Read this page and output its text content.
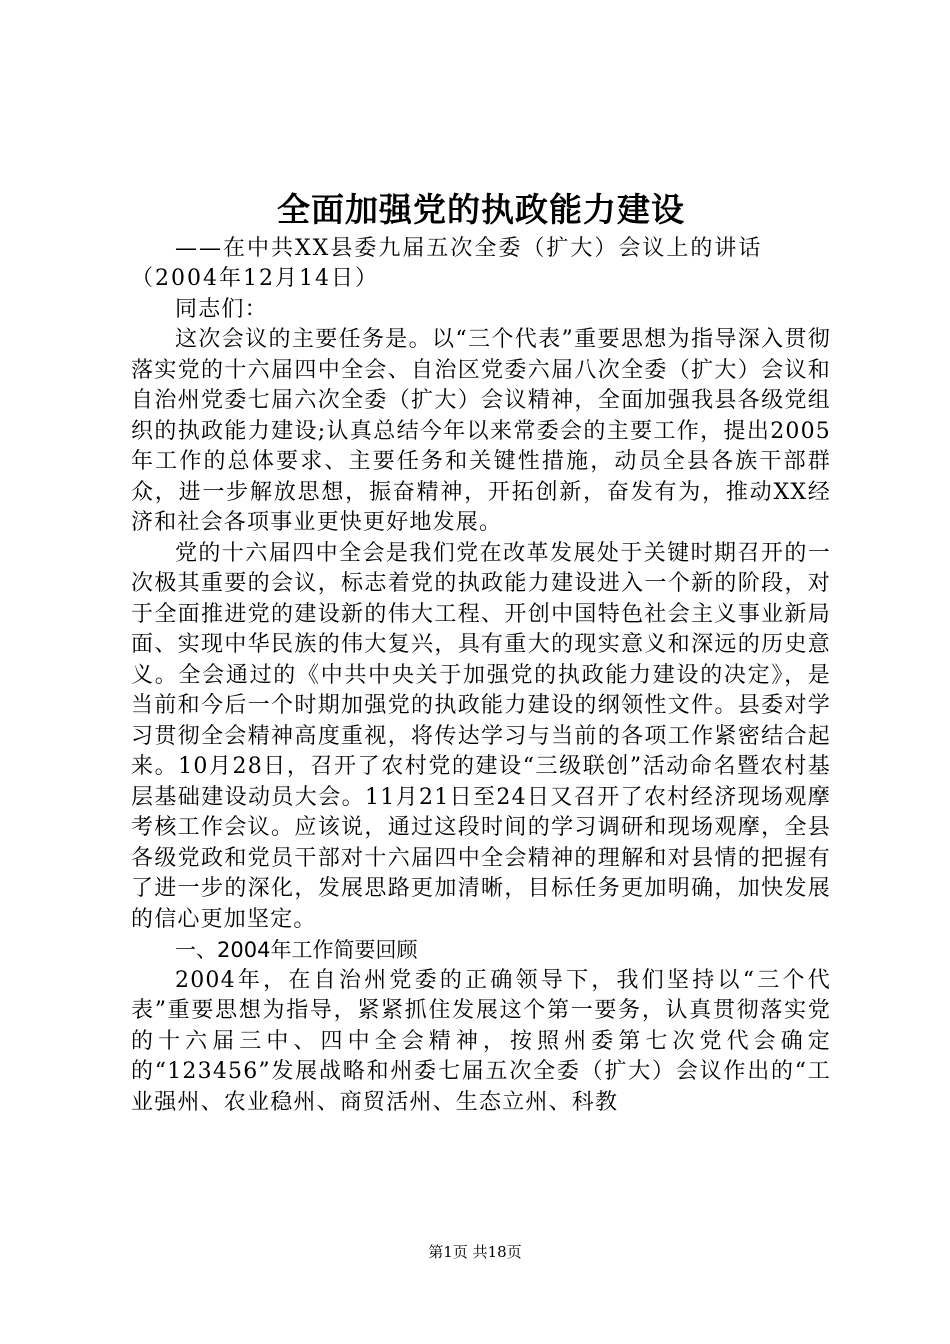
全面加强党的执政能力建设

——在中共XX县委九届五次全委（扩大）会议上的讲话

（2004年12月14日）

同志们：

这次会议的主要任务是。以“三个代表”重要思想为指导深入贯彻落实党的十六届四中全会、自治区党委六届八次全委（扩大）会议和自治州党委七届六次全委（扩大）会议精神，全面加强我县各级党组织的执政能力建设;认真总结今年以来常委会的主要工作，提出2005年工作的总体要求、主要任务和关键性措施，动员全县各族干部群众，进一步解放思想，振奋精神，开拓创新，奋发有为，推动XX经济和社会各项事业更快更好地发展。

党的十六届四中全会是我们党在改革发展处于关键时期召开的一次极其重要的会议，标志着党的执政能力建设进入一个新的阶段，对于全面推进党的建设新的伟大工程、开创中国特色社会主义事业新局面、实现中华民族的伟大复兴，具有重大的现实意义和深远的历史意义。全会通过的《中共中央关于加强党的执政能力建设的决定》，是当前和今后一个时期加强党的执政能力建设的纲领性文件。县委对学习贯彻全会精神高度重视，将传达学习与当前的各项工作紧密结合起来。10月28日，召开了农村党的建设“三级联创”活动命名暨农村基层基础建设动员大会。11月21日至24日又召开了农村经济现场观摩考核工作会议。应该说，通过这段时间的学习调研和现场观摩，全县各级党政和党员干部对十六届四中全会精神的理解和对县情的把握有了进一步的深化，发展思路更加清晰，目标任务更加明确，加快发展的信心更加坚定。

一、2004年工作简要回顾

2004年，在自治州党委的正确领导下，我们坚持以“三个代表”重要思想为指导，紧紧抓住发展这个第一要务，认真贯彻落实党的十六届三中、四中全会精神，按照州委第七次党代会确定的“123456”发展战略和州委七届五次全委（扩大）会议作出的“工业强州、农业稳州、商贸活州、生态立州、科教

第1页 共18页
